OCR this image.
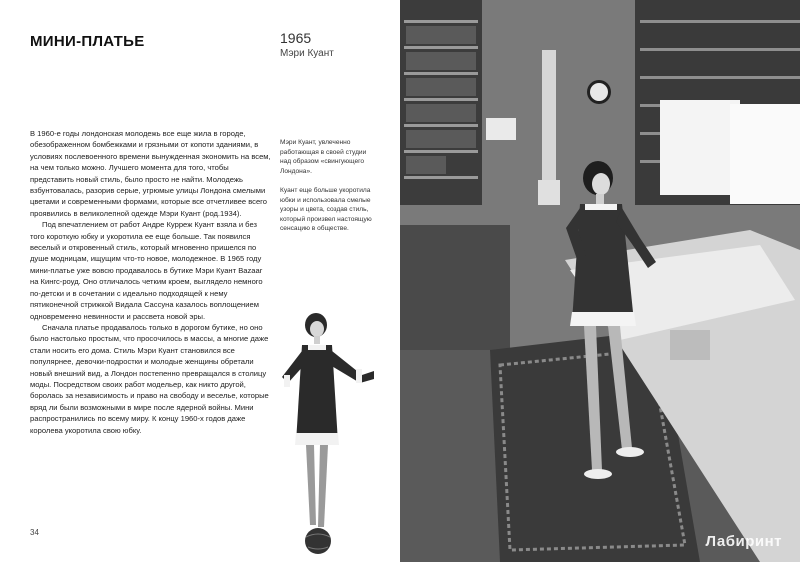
МИНИ-ПЛАТЬЕ	1965
Мэри Куант

В 1960-е годы лондонская молодежь все еще жила в городе, обезображенном бомбежками и грязными от копоти зданиями, в условиях послевоенного времени вынужденная экономить на всем, на чем только можно. Лучшего момента для того, чтобы представить новый стиль, было просто не найти. Молодежь взбунтовалась, разорив серые, угрюмые улицы Лондона смелыми цветами и современными формами, которые все отчетливее всего проявились в великолепной одежде Мэри Куант (род.1934).

Под впечатлением от работ Андре Курреж Куант взяла и без того короткую юбку и укоротила ее еще больше. Так появился веселый и откровенный стиль, который мгновенно пришелся по душе модницам, ищущим что-то новое, молодежное. В 1965 году мини-платье уже вовсю продавалось в бутике Мэри Куант Bazaar на Кингс-роуд. Оно отличалось четким кроем, выглядело немного по-детски и в сочетании с идеально подходящей к нему пятиконечной стрижкой Видала Сассуна казалось воплощением одновременно невинности и рассвета новой эры.

Сначала платье продавалось только в дорогом бутике, но оно было настолько простым, что просочилось в массы, а многие даже стали носить его дома. Стиль Мэри Куант становился все популярнее, девочки-подростки и молодые женщины обретали новый внешний вид, а Лондон постепенно превращался в столицу моды. Посредством своих работ модельер, как никто другой, боролась за независимость и право на свободу и веселье, которые вряд ли были возможными в мире после ядерной войны. Мини распространились по всему миру. К концу 1960-х годов даже королева укоротила свою юбку.

Мэри Куант, увлеченно работающая в своей студии над образом «свингующего Лондона».

Куант еще больше укоротила юбки и использовала смелые узоры и цвета, создав стиль, который произвел настоящую сенсацию в обществе.

34
Лабиринт
